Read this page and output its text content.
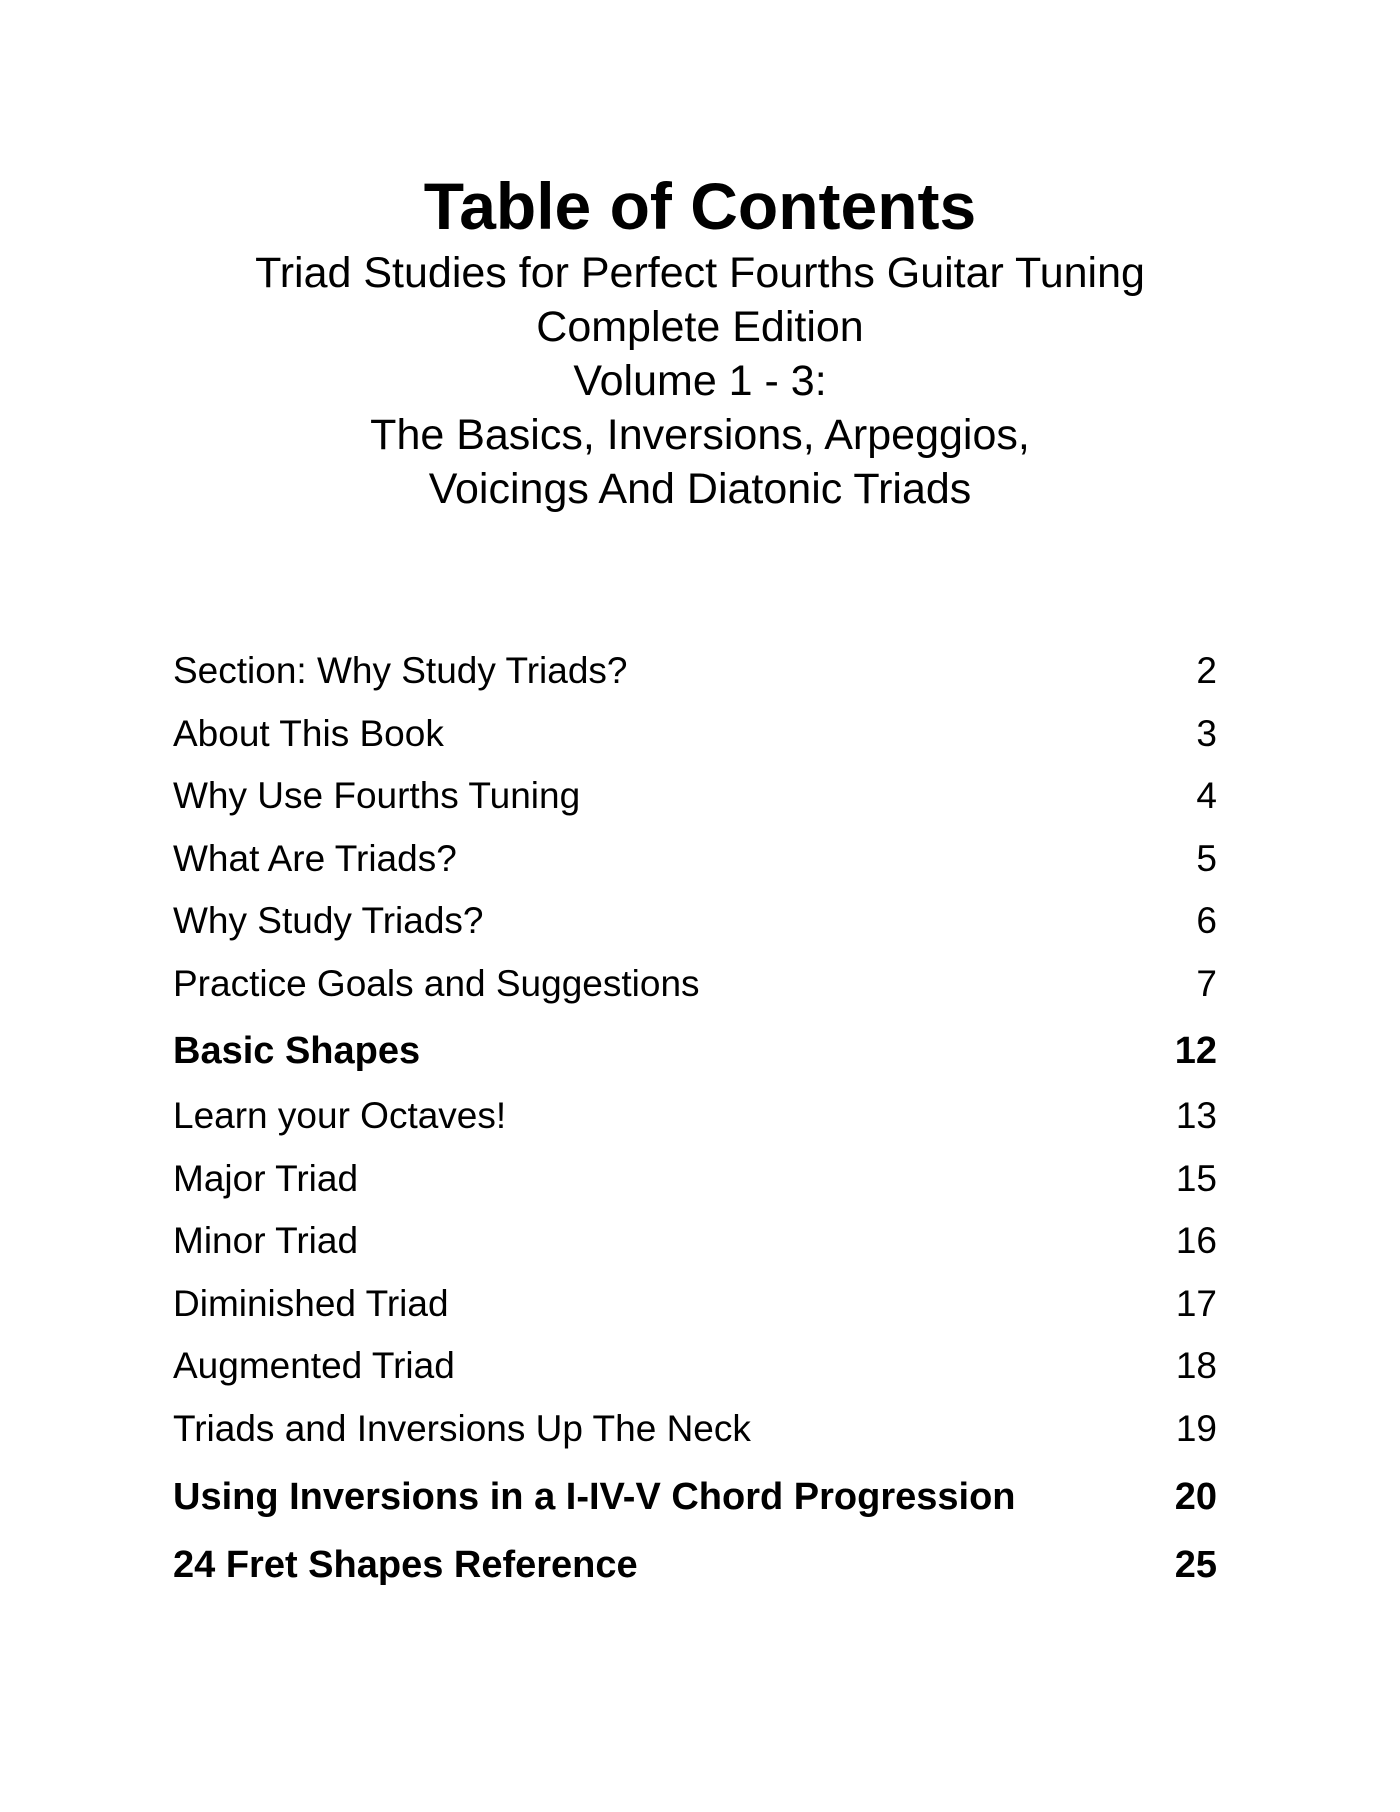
Table of Contents

Triad Studies for Perfect Fourths Guitar Tuning

Complete Edition

Volume 1 - 3:

The Basics, Inversions, Arpeggios,

Voicings And Diatonic Triads

Section: Why Study Triads?	2
About This Book	3
Why Use Fourths Tuning	4
What Are Triads?	5
Why Study Triads?	6
Practice Goals and Suggestions	7
Basic Shapes	12
Learn your Octaves!	13
Major Triad	15
Minor Triad	16
Diminished Triad	17
Augmented Triad	18
Triads and Inversions Up The Neck	19
Using Inversions in a I-IV-V Chord Progression	20
24 Fret Shapes Reference	25
